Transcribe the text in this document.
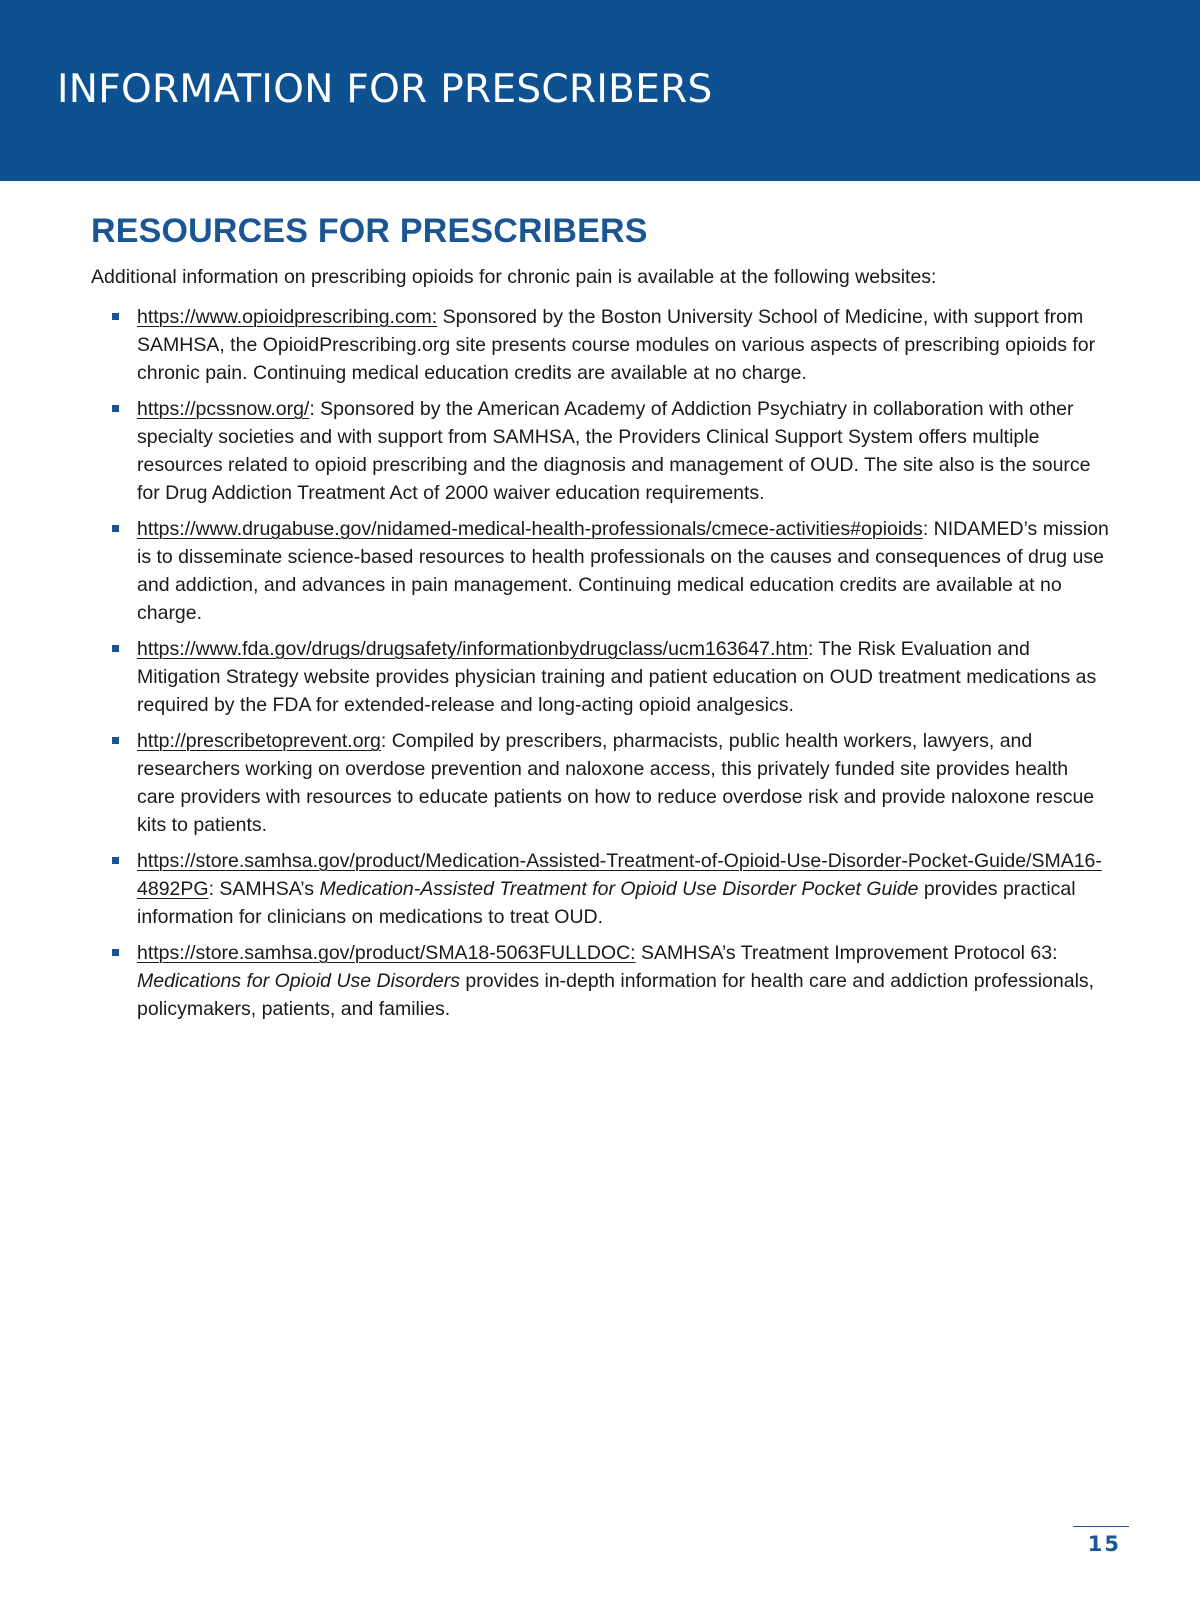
INFORMATION FOR PRESCRIBERS
RESOURCES FOR PRESCRIBERS

Additional information on prescribing opioids for chronic pain is available at the following websites:

https://www.opioidprescribing.com: Sponsored by the Boston University School of Medicine, with support from SAMHSA, the OpioidPrescribing.org site presents course modules on various aspects of prescribing opioids for chronic pain. Continuing medical education credits are available at no charge.
https://pcssnow.org/: Sponsored by the American Academy of Addiction Psychiatry in collaboration with other specialty societies and with support from SAMHSA, the Providers Clinical Support System offers multiple resources related to opioid prescribing and the diagnosis and management of OUD. The site also is the source for Drug Addiction Treatment Act of 2000 waiver education requirements.
https://www.drugabuse.gov/nidamed-medical-health-professionals/cmece-activities#opioids: NIDAMED’s mission is to disseminate science-based resources to health professionals on the causes and consequences of drug use and addiction, and advances in pain management. Continuing medical education credits are available at no charge.
https://www.fda.gov/drugs/drugsafety/informationbydrugclass/ucm163647.htm: The Risk Evaluation and Mitigation Strategy website provides physician training and patient education on OUD treatment medications as required by the FDA for extended-release and long-acting opioid analgesics.
http://prescribetoprevent.org: Compiled by prescribers, pharmacists, public health workers, lawyers, and researchers working on overdose prevention and naloxone access, this privately funded site provides health care providers with resources to educate patients on how to reduce overdose risk and provide naloxone rescue kits to patients.
https://store.samhsa.gov/product/Medication-Assisted-Treatment-of-Opioid-Use-Disorder-Pocket-Guide/SMA16-4892PG: SAMHSA’s Medication-Assisted Treatment for Opioid Use Disorder Pocket Guide provides practical information for clinicians on medications to treat OUD.
https://store.samhsa.gov/product/SMA18-5063FULLDOC: SAMHSA’s Treatment Improvement Protocol 63: Medications for Opioid Use Disorders provides in-depth information for health care and addiction professionals, policymakers, patients, and families.
15
